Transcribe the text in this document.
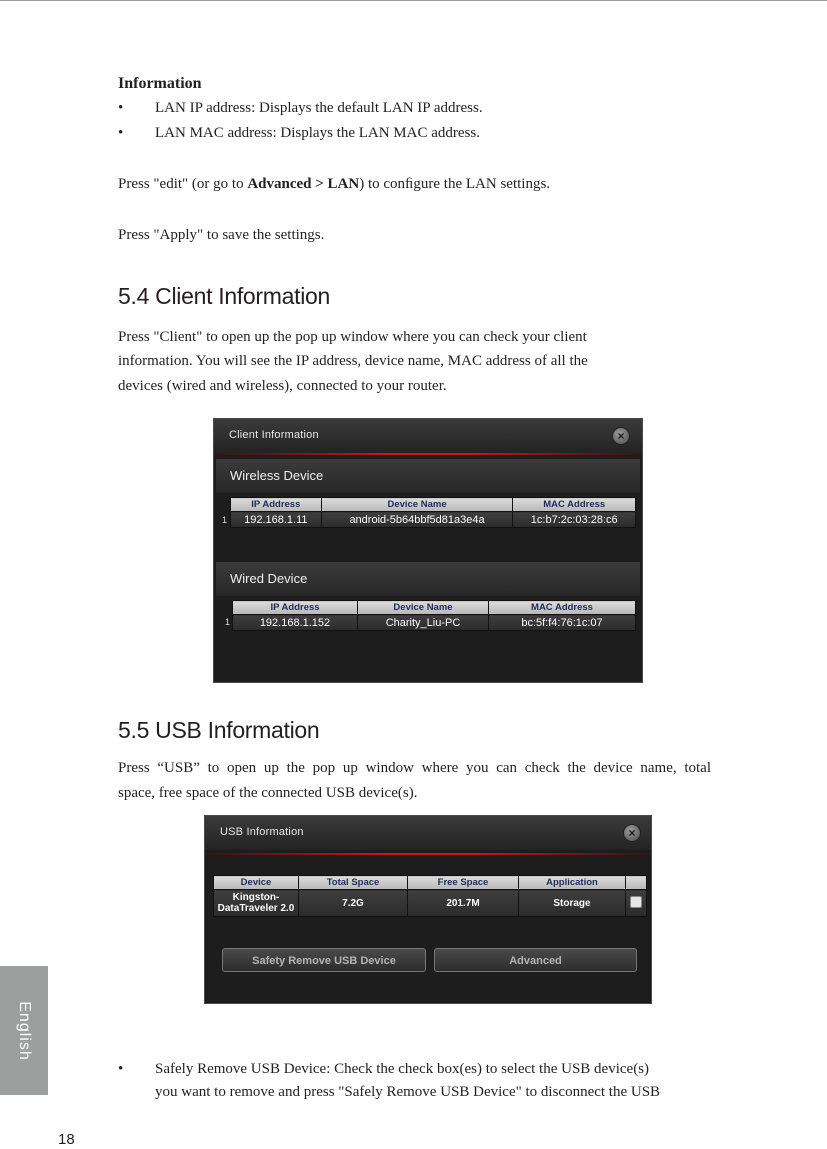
Information
• LAN IP address: Displays the default LAN IP address.
• LAN MAC address: Displays the LAN MAC address.
Press "edit" (or go to Advanced > LAN) to conﬁgure the LAN settings.
Press "Apply" to save the settings.
5.4 Client Information
Press "Client" to open up the pop up window where you can check your client
information. You will see the IP address, device name, MAC address of all the
devices (wired and wireless), connected to your router.
Client Information	×
Wireless Device
1
IP Address	Device Name	MAC Address
192.168.1.11	android-5b64bbf5d81a3e4a	1c:b7:2c:03:28:c6
Wired Device
1
IP Address	Device Name	MAC Address
192.168.1.152	Charity_Liu-PC	bc:5f:f4:76:1c:07
5.5 USB Information
Press “USB” to open up the pop up window where you can check the device name, total
space, free space of the connected USB device(s).
USB Information	×
Device	Total Space	Free Space	Application	

Kingston-
DataTraveler 2.0	7.2G	201.7M	Storage	
Safety Remove USB Device	Advanced
• Safely Remove USB Device: Check the check box(es) to select the USB device(s)
you want to remove and press "Safely Remove USB Device" to disconnect the USB
English
18
